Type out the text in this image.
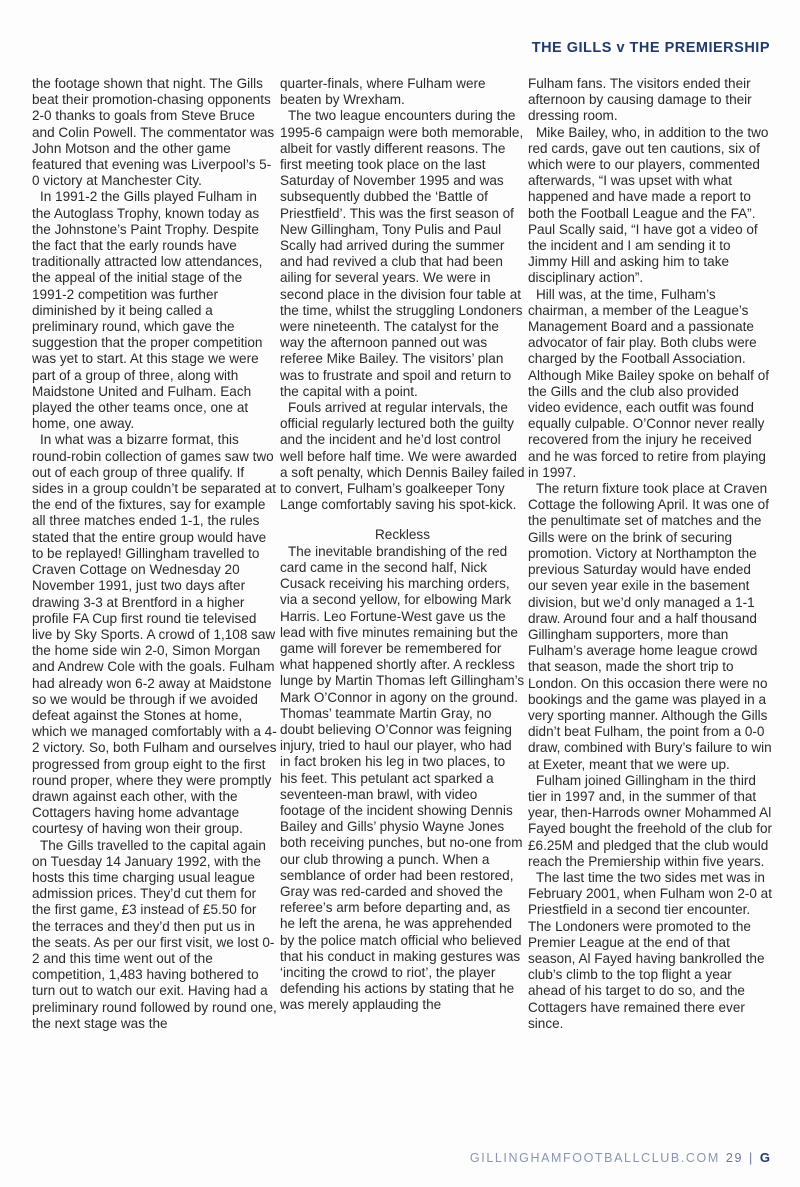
THE GILLS v THE PREMIERSHIP

the footage shown that night. The Gills beat their promotion-chasing opponents 2-0 thanks to goals from Steve Bruce and Colin Powell. The commentator was John Motson and the other game featured that evening was Liverpool’s 5-0 victory at Manchester City.

In 1991-2 the Gills played Fulham in the Autoglass Trophy, known today as the Johnstone’s Paint Trophy. Despite the fact that the early rounds have traditionally attracted low attendances, the appeal of the initial stage of the 1991-2 competition was further diminished by it being called a preliminary round, which gave the suggestion that the proper competition was yet to start. At this stage we were part of a group of three, along with Maidstone United and Fulham. Each played the other teams once, one at home, one away.

In what was a bizarre format, this round-robin collection of games saw two out of each group of three qualify. If sides in a group couldn’t be separated at the end of the fixtures, say for example all three matches ended 1-1, the rules stated that the entire group would have to be replayed! Gillingham travelled to Craven Cottage on Wednesday 20 November 1991, just two days after drawing 3-3 at Brentford in a higher profile FA Cup first round tie televised live by Sky Sports. A crowd of 1,108 saw the home side win 2-0, Simon Morgan and Andrew Cole with the goals. Fulham had already won 6-2 away at Maidstone so we would be through if we avoided defeat against the Stones at home, which we managed comfortably with a 4-2 victory. So, both Fulham and ourselves progressed from group eight to the first round proper, where they were promptly drawn against each other, with the Cottagers having home advantage courtesy of having won their group.

The Gills travelled to the capital again on Tuesday 14 January 1992, with the hosts this time charging usual league admission prices. They’d cut them for the first game, £3 instead of £5.50 for the terraces and they’d then put us in the seats. As per our first visit, we lost 0-2 and this time went out of the competition, 1,483 having bothered to turn out to watch our exit. Having had a preliminary round followed by round one, the next stage was the

quarter-finals, where Fulham were beaten by Wrexham.

The two league encounters during the 1995-6 campaign were both memorable, albeit for vastly different reasons. The first meeting took place on the last Saturday of November 1995 and was subsequently dubbed the ‘Battle of Priestfield’. This was the first season of New Gillingham, Tony Pulis and Paul Scally had arrived during the summer and had revived a club that had been ailing for several years. We were in second place in the division four table at the time, whilst the struggling Londoners were nineteenth. The catalyst for the way the afternoon panned out was referee Mike Bailey. The visitors’ plan was to frustrate and spoil and return to the capital with a point.

Fouls arrived at regular intervals, the official regularly lectured both the guilty and the incident and he’d lost control well before half time. We were awarded a soft penalty, which Dennis Bailey failed to convert, Fulham’s goalkeeper Tony Lange comfortably saving his spot-kick.

Reckless

The inevitable brandishing of the red card came in the second half, Nick Cusack receiving his marching orders, via a second yellow, for elbowing Mark Harris. Leo Fortune-West gave us the lead with five minutes remaining but the game will forever be remembered for what happened shortly after. A reckless lunge by Martin Thomas left Gillingham’s Mark O’Connor in agony on the ground. Thomas’ teammate Martin Gray, no doubt believing O’Connor was feigning injury, tried to haul our player, who had in fact broken his leg in two places, to his feet. This petulant act sparked a seventeen-man brawl, with video footage of the incident showing Dennis Bailey and Gills’ physio Wayne Jones both receiving punches, but no-one from our club throwing a punch. When a semblance of order had been restored, Gray was red-carded and shoved the referee’s arm before departing and, as he left the arena, he was apprehended by the police match official who believed that his conduct in making gestures was ‘inciting the crowd to riot’, the player defending his actions by stating that he was merely applauding the

Fulham fans. The visitors ended their afternoon by causing damage to their dressing room.

Mike Bailey, who, in addition to the two red cards, gave out ten cautions, six of which were to our players, commented afterwards, “I was upset with what happened and have made a report to both the Football League and the FA”. Paul Scally said, “I have got a video of the incident and I am sending it to Jimmy Hill and asking him to take disciplinary action”.

Hill was, at the time, Fulham’s chairman, a member of the League’s Management Board and a passionate advocator of fair play. Both clubs were charged by the Football Association. Although Mike Bailey spoke on behalf of the Gills and the club also provided video evidence, each outfit was found equally culpable. O’Connor never really recovered from the injury he received and he was forced to retire from playing in 1997.

The return fixture took place at Craven Cottage the following April. It was one of the penultimate set of matches and the Gills were on the brink of securing promotion. Victory at Northampton the previous Saturday would have ended our seven year exile in the basement division, but we’d only managed a 1-1 draw. Around four and a half thousand Gillingham supporters, more than Fulham’s average home league crowd that season, made the short trip to London. On this occasion there were no bookings and the game was played in a very sporting manner. Although the Gills didn’t beat Fulham, the point from a 0-0 draw, combined with Bury’s failure to win at Exeter, meant that we were up.

Fulham joined Gillingham in the third tier in 1997 and, in the summer of that year, then-Harrods owner Mohammed Al Fayed bought the freehold of the club for £6.25M and pledged that the club would reach the Premiership within five years.

The last time the two sides met was in February 2001, when Fulham won 2-0 at Priestfield in a second tier encounter. The Londoners were promoted to the Premier League at the end of that season, Al Fayed having bankrolled the club’s climb to the top flight a year ahead of his target to do so, and the Cottagers have remained there ever since.

GILLINGHAMFOOTBALLCLUB.COM 29 | G
